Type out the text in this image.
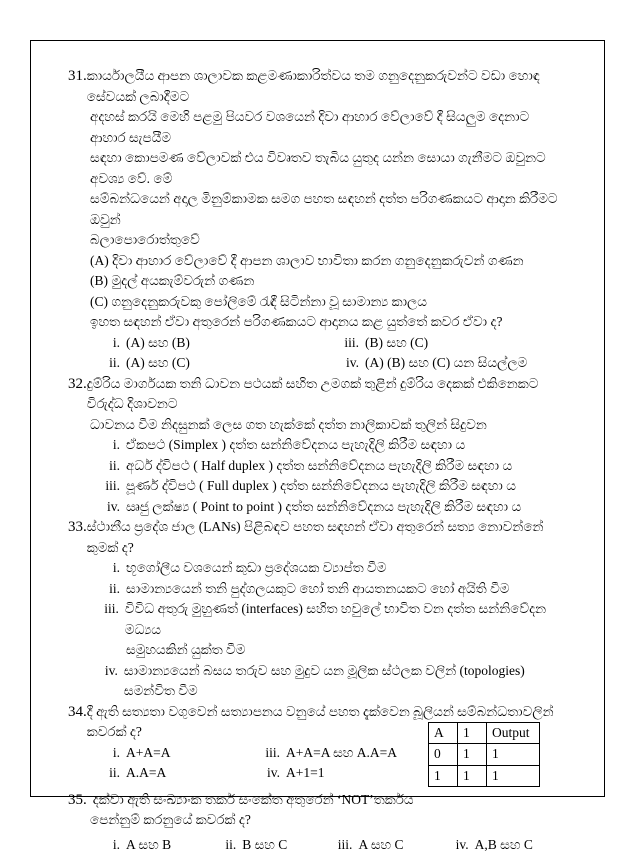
31. කාර්යාලයීය ආපන ශාලාවක කළමණාකාරිත්වය තම ගනුදෙනුකරුවන්ට වඩා හොඳ සේවයක් ලබාදීමට
අදහස් කරයි මෙහි පළමු පියවර වශයෙන් දිවා ආහාර වේලාවේ දී සියලුම දෙනාට ආහාර සැපයීම
සඳහා කොපමණ වේලාවක් එය විවෘතව තැබිය යුතුද යන්න සොයා ගැනීමට ඔවුනට අවශ්‍ය වේ. මේ
සම්බන්ධයෙන් අදාල මිනුම්කාමක සමග පහත සඳහන් දත්ත පරිගණකයට ආදාන කිරීමට ඔවුන්
බලාපොරොත්තුවේ
(A) දිවා ආහාර වේලාවේ දී ආපන ශාලාව භාවිතා කරන ගනුදෙනුකරුවන් ගණන
(B) මුදල් අයකැම්වරුන් ගණන
(C) ගනුදෙනුකරුවකු පෝලිමේ රැඳී සිටින්නා වූ සාමාන්‍ය කාලය
ඉහත සඳහන් ඒවා අතුරෙන් පරිගණකයට ආදානය කළ යුත්තේ කවර ඒවා ද?
i. (A) සහ (B)	iii. (B) සහ (C)
ii. (A) සහ (C)	iv. (A) (B) සහ (C) යන සියල්ලම
32. දුම්රිය මාර්ගයක තනි ධාවන පථයක් සහිත උමගක් තුළින් දුම්රිය දෙකක් එකිනෙකට විරුද්ධ දිශාවනට
ධාවනය වීම නිදසුනක් ලෙස ගත හැක්කේ දත්ත නාලිකාවක් තුලින් සිදුවන
i. ඒකපථ (Simplex ) දත්ත සන්නිවේදනය පැහැදිලි කිරීම සඳහා ය
ii. අර්ධ ද්විපථ ( Half duplex ) දත්ත සන්නිවේදනය පැහැදිලි කිරීම සඳහා ය
iii. පූර්ණ ද්විපථ ( Full duplex ) දත්ත සන්නිවේදනය පැහැදිලි කිරීම සඳහා ය
iv. ඍජු ලක්ෂ්‍ය ( Point to point ) දත්ත සන්නිවේදනය පැහැදිලි කිරීම සඳහා ය
33. ස්ථානීය ප්‍රදේශ ජාල (LANs) පිළිබඳව පහත සඳහන් ඒවා අතුරෙන් සත්‍ය නොවන්නේ කුමක් ද?
i. භූගෝලීය වශයෙන් කුඩා ප්‍රදේශයක ව්‍යාප්ත වීම
ii. සාමාන්‍යයෙන් තනි පුද්ගලයකුට හෝ තනි ආයතනයකට හෝ අයිති වීම
iii. විවිධ අතුරු මුහුණත් (interfaces) සහිත හවුලේ භාවිත වන දත්ත සන්නිවේදන මධ්‍යය
සමුහයකින් යුක්ත වීම
iv. සාමාන්‍යයෙන් බසය තරුව සහ මුදුව යන මූලික ස්ථලක වලින් (topologies) සමන්විත වීම
34. දී ඇති සත්‍යතා වගුවෙන් සත්‍යාපනය වනුයේ පහත දැක්වෙන බූලියන් සම්බන්ධතාවලින් කවරක් ද?
i. A+A=A	iii. A+A=A සහ A.A=A
ii. A.A=A	iv. A+1=1
A	1	Output
0	1	1
1	1	1
35. දක්වා ඇති සංඛ්‍යාංක තර්ක සංකේත අතුරෙන් ‘NOT’තර්කය
පෙන්නුම් කරනුයේ කවරක් ද?
i. A සහ B	ii. B සහ C	iii. A සහ C	iv. A,B සහ C
